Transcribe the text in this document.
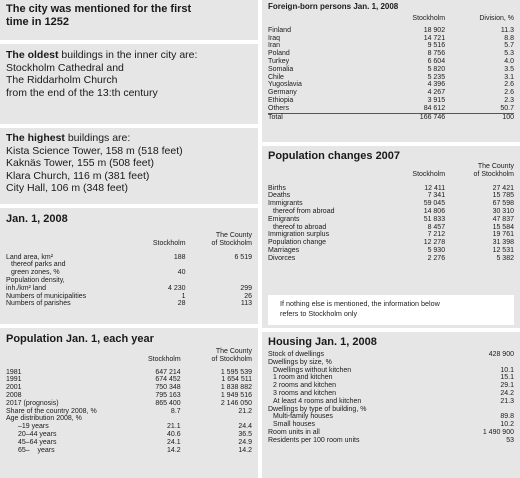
The city was mentioned for the first time in 1252
The oldest buildings in the inner city are:
Stockholm Cathedral and
The Riddarholm Church
from the end of the 13:th century
The highest buildings are:
Kista Science Tower, 158 m (518 feet)
Kaknäs Tower, 155 m (508 feet)
Klara Church, 116 m (381 feet)
City Hall, 106 m (348 feet)
Jan. 1, 2008
	Stockholm	The County
of Stockholm

Land area, km²	188	6 519
thereof parks and		
green zones, %	40	
Population density,		
inh./km² land	4 230	299
Numbers of municipalities	1	26
Numbers of parishes	28	113
Population Jan. 1, each year
	Stockholm	The County
of Stockholm

1981	647 214	1 595 539
1991	674 452	1 654 511
2001	750 348	1 838 882
2008	795 163	1 949 516
2017 (prognosis)	865 400	2 146 050
Share of the country 2008, %	8.7	21.2
Age distribution 2008, %		
–19 years	21.1	24.4
20–44 years	40.6	36.5
45–64 years	24.1	24.9
65–    years	14.2	14.2
Foreign-born persons Jan. 1, 2008
	Stockholm	Division, %

Finland	18 902	11.3
Iraq	14 721	8.8
Iran	9 516	5.7
Poland	8 756	5.3
Turkey	6 604	4.0
Somalia	5 820	3.5
Chile	5 235	3.1
Yugoslavia	4 396	2.6
Germany	4 267	2.6
Ethiopia	3 915	2.3
Others	84 612	50.7
Total	166 746	100
Population changes 2007
	Stockholm	The County
of Stockholm

Births	12 411	27 421
Deaths	7 341	15 785
Immigrants	59 045	67 598
thereof from abroad	14 806	30 310
Emigrants	51 833	47 837
thereof to abroad	8 457	15 584
Immigration surplus	7 212	19 761
Population change	12 278	31 398
Marriages	5 930	12 531
Divorces	2 276	5 382
If nothing else is mentioned, the information below
refers to Stockholm only
Housing Jan. 1, 2008
Stock of dwellings	428 900
Dwellings by size, %	
Dwellings without kitchen	10.1
1 room and kitchen	15.1
2 rooms and kitchen	29.1
3 rooms and kitchen	24.2
At least 4 rooms and kitchen	21.3
Dwellings by type of building, %	
Multi-family houses	89.8
Small houses	10.2
Room units in all	1 490 900
Residents per 100 room units	53
